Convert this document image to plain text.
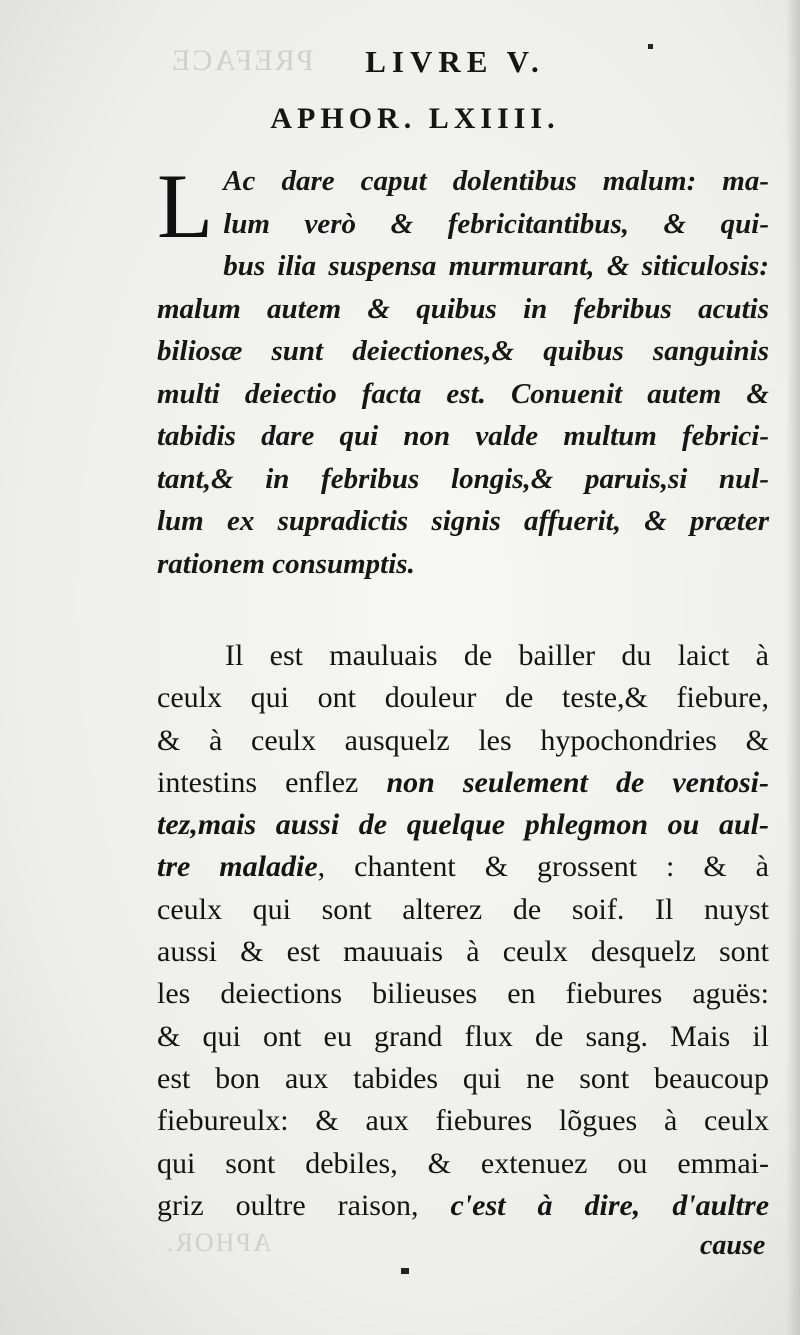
PREFACE
APHOR.
LIVRE V.
APHOR. LXIIII.
L Ac dare caput dolentibus malum: ma-
lum verò & febricitantibus, & qui-
bus ilia suspensa murmurant, & siticulosis:
malum autem & quibus in febribus acutis
biliosæ sunt deiectiones,& quibus sanguinis
multi deiectio facta est. Conuenit autem &
tabidis dare qui non valde multum febrici-
tant,& in febribus longis,& paruis,si nul-
lum ex supradictis signis affuerit, & præter
rationem consumptis.
Il est mauluais de bailler du laict à
ceulx qui ont douleur de teste,& fiebure,
& à ceulx ausquelz les hypochondries &
intestins enflez non seulement de ventosi-
tez,mais aussi de quelque phlegmon ou aul-
tre maladie, chantent & grossent : & à
ceulx qui sont alterez de soif. Il nuyst
aussi & est mauuais à ceulx desquelz sont
les deiections bilieuses en fiebures aguës:
& qui ont eu grand flux de sang. Mais il
est bon aux tabides qui ne sont beaucoup
fiebureulx: & aux fiebures lõgues à ceulx
qui sont debiles, & extenuez ou emmai-
griz oultre raison, c'est à dire, d'aultre
cause
